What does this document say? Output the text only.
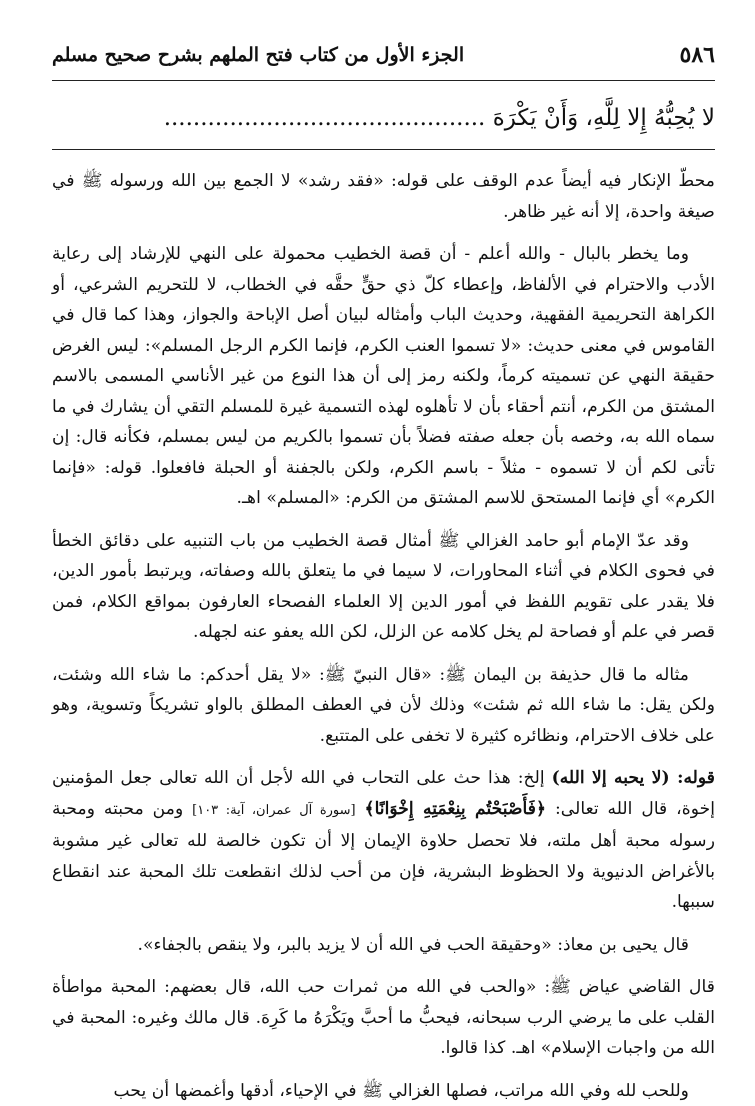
٥٨٦
الجزء الأول من كتاب فتح الملهم بشرح صحيح مسلم
لا يُحِبُّهُ إِلا لِلَّهِ، وَأَنْ يَكْرَهَ ............................................

محطّ الإنكار فيه أيضاً عدم الوقف على قوله: «فقد رشد» لا الجمع بين الله ورسوله ﷺ في صيغة واحدة، إلا أنه غير ظاهر.

وما يخطر بالبال - والله أعلم - أن قصة الخطيب محمولة على النهي للإرشاد إلى رعاية الأدب والاحترام في الألفاظ، وإعطاء كلّ ذي حقٍّ حقَّه في الخطاب، لا للتحريم الشرعي، أو الكراهة التحريمية الفقهية، وحديث الباب وأمثاله لبيان أصل الإباحة والجواز، وهذا كما قال في القاموس في معنى حديث: «لا تسموا العنب الكرم، فإنما الكرم الرجل المسلم»: ليس الغرض حقيقة النهي عن تسميته كرماً، ولكنه رمز إلى أن هذا النوع من غير الأناسي المسمى بالاسم المشتق من الكرم، أنتم أحقاء بأن لا تأهلوه لهذه التسمية غيرة للمسلم التقي أن يشارك في ما سماه الله به، وخصه بأن جعله صفته فضلاً بأن تسموا بالكريم من ليس بمسلم، فكأنه قال: إن تأتى لكم أن لا تسموه - مثلاً - باسم الكرم، ولكن بالجفنة أو الحبلة فافعلوا. قوله: «فإنما الكرم» أي فإنما المستحق للاسم المشتق من الكرم: «المسلم» اهـ.

وقد عدّ الإمام أبو حامد الغزالي ﷺ أمثال قصة الخطيب من باب التنبيه على دقائق الخطأ في فحوى الكلام في أثناء المحاورات، لا سيما في ما يتعلق بالله وصفاته، ويرتبط بأمور الدين، فلا يقدر على تقويم اللفظ في أمور الدين إلا العلماء الفصحاء العارفون بمواقع الكلام، فمن قصر في علم أو فصاحة لم يخل كلامه عن الزلل، لكن الله يعفو عنه لجهله.

مثاله ما قال حذيفة بن اليمان ﷺ: «قال النبيّ ﷺ: «لا يقل أحدكم: ما شاء الله وشئت، ولكن يقل: ما شاء الله ثم شئت» وذلك لأن في العطف المطلق بالواو تشريكاً وتسوية، وهو على خلاف الاحترام، ونظائره كثيرة لا تخفى على المتتبع.

قوله: (لا يحبه إلا الله) إلخ: هذا حث على التحاب في الله لأجل أن الله تعالى جعل المؤمنين إخوة، قال الله تعالى: ﴿فَأَصْبَحْتُم بِنِعْمَتِهِ إِخْوَانًا﴾ [سورة آل عمران، آية: ١٠٣] ومن محبته ومحبة رسوله محبة أهل ملته، فلا تحصل حلاوة الإيمان إلا أن تكون خالصة لله تعالى غير مشوبة بالأغراض الدنيوية ولا الحظوظ البشرية، فإن من أحب لذلك انقطعت تلك المحبة عند انقطاع سببها.

قال يحيى بن معاذ: «وحقيقة الحب في الله أن لا يزيد بالبر، ولا ينقص بالجفاء».

قال القاضي عياض ﷺ: «والحب في الله من ثمرات حب الله، قال بعضهم: المحبة مواطأة القلب على ما يرضي الرب سبحانه، فيحبُّ ما أحبَّ ويَكْرَهُ ما كَرِهَ. قال مالك وغيره: المحبة في الله من واجبات الإسلام» اهـ. كذا قالوا.

وللحب لله وفي الله مراتب، فصلها الغزالي ﷺ في الإحياء، أدقها وأغمضها أن يحب
